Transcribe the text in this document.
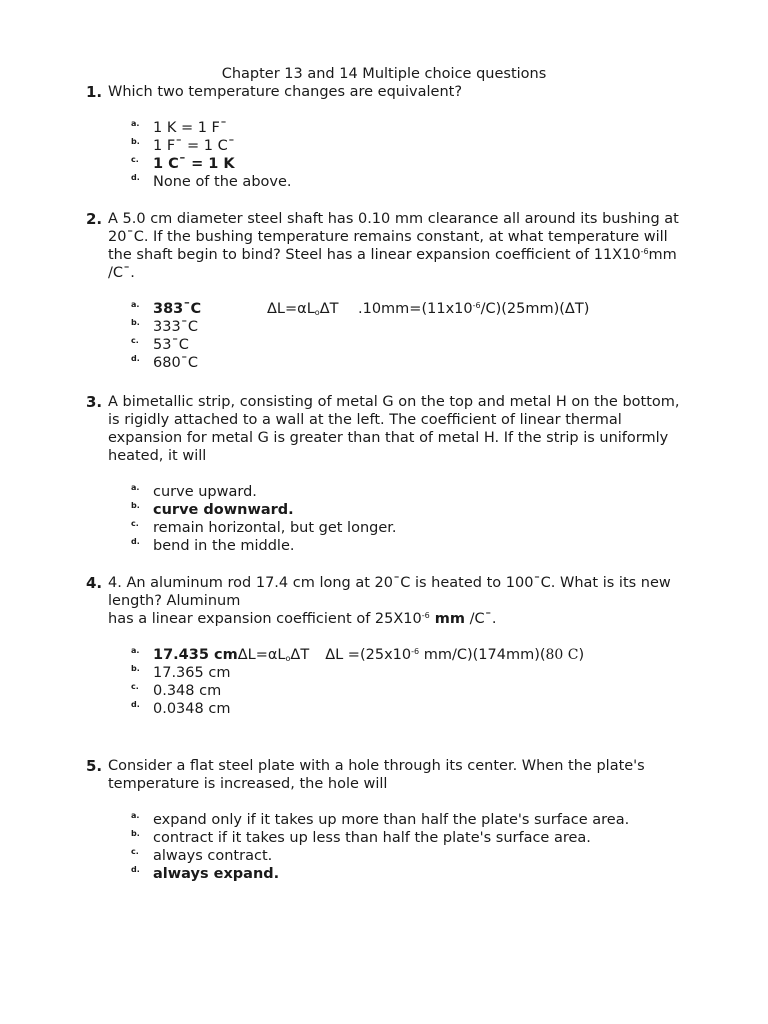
Chapter 13 and 14 Multiple choice questions
1. Which two temperature changes are equivalent?
a. 1 K = 1 Fˉ
b. 1 Fˉ = 1 Cˉ
c. 1 Cˉ = 1 K
d. None of the above.
2. A 5.0 cm diameter steel shaft has 0.10 mm clearance all around its bushing at
20ˉC. If the bushing temperature remains constant, at what temperature will
the shaft begin to bind? Steel has a linear expansion coefficient of $11X10^{-6}mm$
/Cˉ.
a. 383ˉC	$\Delta L=\alpha L_o\Delta T$ $.10mm=(11x10^{-6}/C)(25mm)(\Delta T)$
b. 333ˉC
c. 53ˉC
d. 680ˉC
3. A bimetallic strip, consisting of metal G on the top and metal H on the bottom,
is rigidly attached to a wall at the left. The coefficient of linear thermal
expansion for metal G is greater than that of metal H. If the strip is uniformly
heated, it will
a. curve upward.
b. curve downward.
c. remain horizontal, but get longer.
d. bend in the middle.
4. 4. An aluminum rod 17.4 cm long at 20ˉC is heated to 100ˉC. What is its new
length? Aluminum
has a linear expansion coefficient of $25X10^{-6}$ mm /Cˉ.
a. 17.435 $cm\Delta L=\alpha L_o\Delta T$ $\Delta L =(25x10^{-6}$ mm/C)(174mm)(80 C)
b. 17.365 cm
c. 0.348 cm
d. 0.0348 cm
5. Consider a flat steel plate with a hole through its center. When the plate's
temperature is increased, the hole will
a. expand only if it takes up more than half the plate's surface area.
b. contract if it takes up less than half the plate's surface area.
c. always contract.
d. always expand.
